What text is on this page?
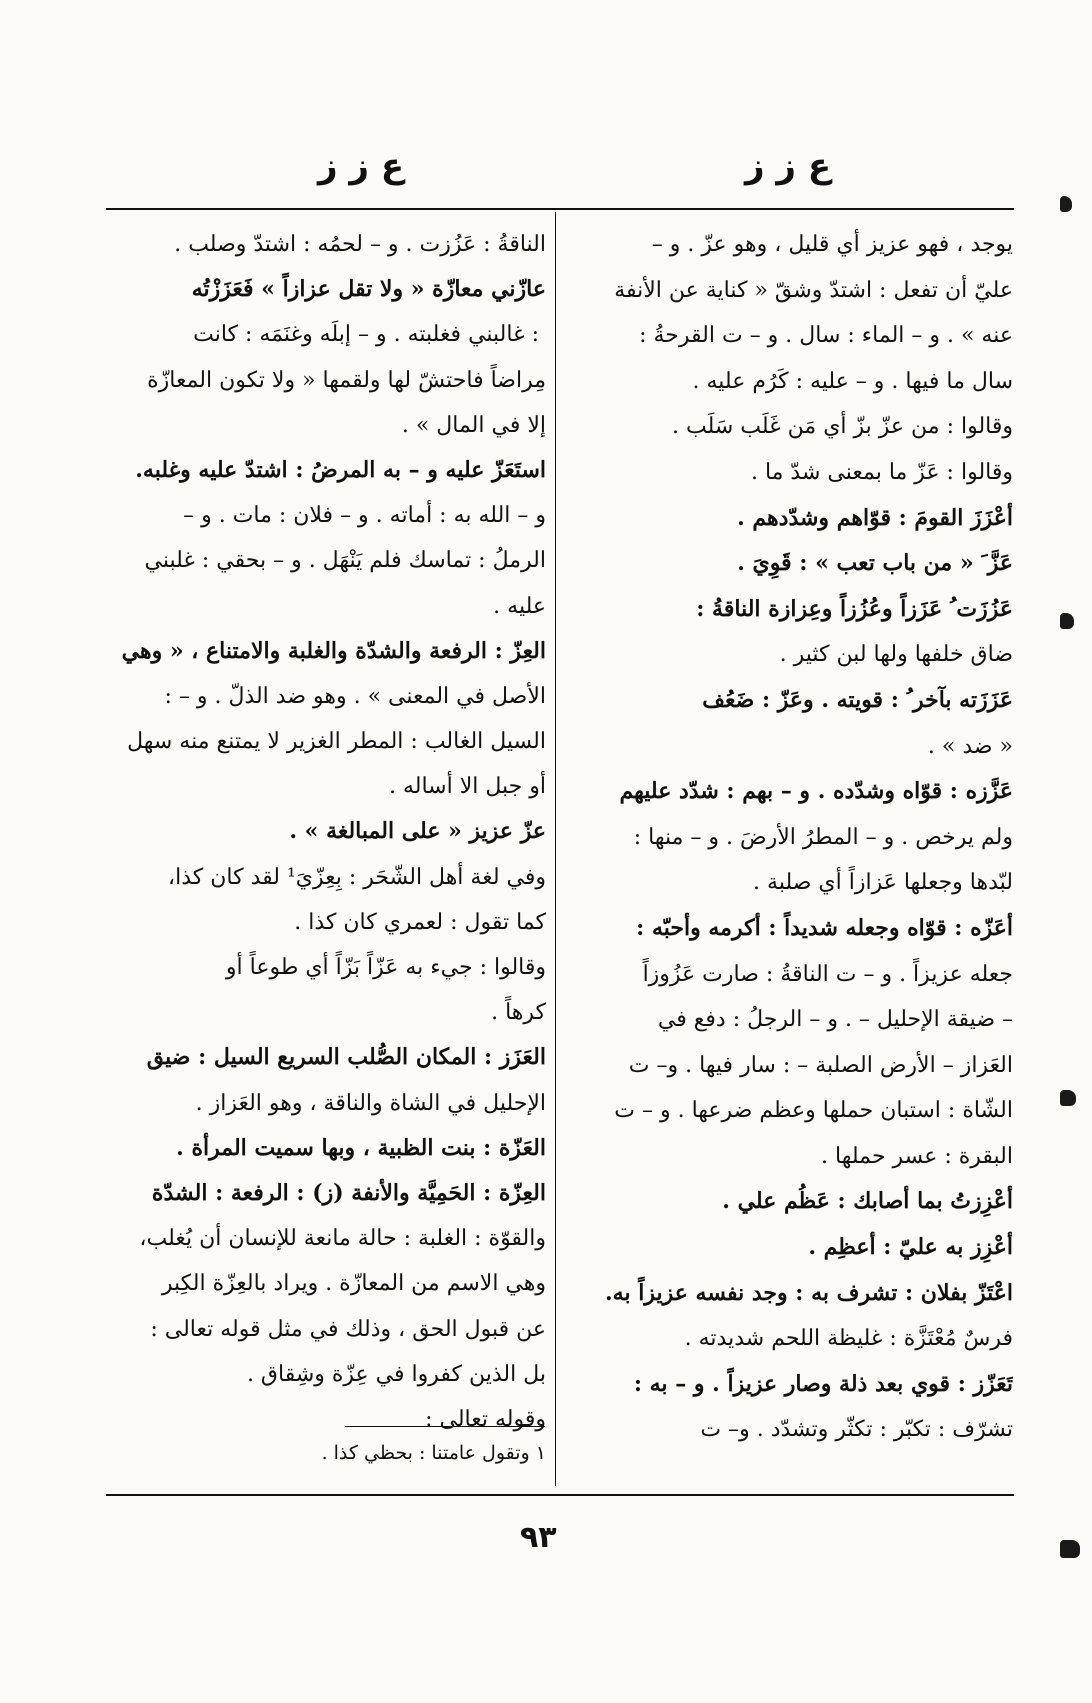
ع ز ز
ع ز ز
يوجد ، فهو عزيز أي قليل ، وهو عزّ . و –
عليّ أن تفعل : اشتدّ وشقّ « كناية عن الأنفة
عنه » . و – الماء : سال . و – ت القرحةُ :
سال ما فيها . و – عليه : كَرُم عليه .
وقالوا : من عزّ بزّ أي مَن غَلَب سَلَب .
وقالوا : عَزّ ما بمعنى شدّ ما .
أعْزَزَ القومَ : قوّاهم وشدّدهم .
عَزَّ َ « من باب تعب » : قَوِيَ .
عَزُزَت ُ عَزَزاً وعُزُزاً وعِزازة الناقةُ :
ضاق خلفها ولها لبن كثير .
عَزَزَته بآخر ُ : قويته . وعَزّ : ضَعُف
« ضد » .
عَزَّزه : قوّاه وشدّده . و – بهم : شدّد عليهم
ولم يرخص . و – المطرُ الأرضَ . و – منها :
لبّدها وجعلها عَزازاً أي صلبة .
أعَزّه : قوّاه وجعله شديداً : أكرمه وأحبّه :
جعله عزيزاً . و – ت الناقةُ : صارت عَزُوزاً
– ضيقة الإحليل – . و – الرجلُ : دفع في
العَزاز – الأرض الصلبة – : سار فيها . و– ت
الشّاة : استبان حملها وعظم ضرعها . و – ت
البقرة : عسر حملها .
أعْزِزتُ بما أصابك : عَظُم علي .
أعْزِز به عليّ : أعظِم .
اعْتَزّ بفلان : تشرف به : وجد نفسه عزيزاً به.
فرسٌ مُعْتَزَّة : غليظة اللحم شديدته .
تَعَزّز : قوي بعد ذلة وصار عزيزاً . و – به :
تشرّف : تكبّر : تكثّر وتشدّد . و– ت
الناقةُ : عَزُزت . و – لحمُه : اشتدّ وصلب .
عازّني معازّة « ولا تقل عزازاً » فَعَزَزْتُه
ُ : غالبني فغلبته . و – إبلَه وغنَمَه : كانت
مِراضاً فاحتشّ لها ولقمها « ولا تكون المعازّة
إلا في المال » .
استَعَزّ عليه و – به المرضُ : اشتدّ عليه وغلبه.
و – الله به : أماته . و – فلان : مات . و –
الرملُ : تماسك فلم يَنْهَل . و – بحقي : غلبني
عليه .
العِزّ : الرفعة والشدّة والغلبة والامتناع ، « وهي
الأصل في المعنى » . وهو ضد الذلّ . و – :
السيل الغالب : المطر الغزير لا يمتنع منه سهل
أو جبل الا أساله .
عزّ عزيز « على المبالغة » .
وفي لغة أهل الشّحَر : بِعِزّيَ¹ لقد كان كذا،
كما تقول : لعمري كان كذا .
وقالوا : جيء به عَزّاً بَزّاً أي طوعاً أو
كرهاً .
العَزَز : المكان الصُّلب السريع السيل : ضيق
الإحليل في الشاة والناقة ، وهو العَزاز .
العَزّة : بنت الظبية ، وبها سميت المرأة .
العِزّة : الحَمِيَّة والأنفة (ز) : الرفعة : الشدّة
والقوّة : الغلبة : حالة مانعة للإنسان أن يُغلب،
وهي الاسم من المعازّة . ويراد بالعِزّة الكِبر
عن قبول الحق ، وذلك في مثل قوله تعالى :
بل الذين كفروا في عِزّة وشِقاق .
وقوله تعالى :
١ وتقول عامتنا : بحظي كذا .
٩٣
